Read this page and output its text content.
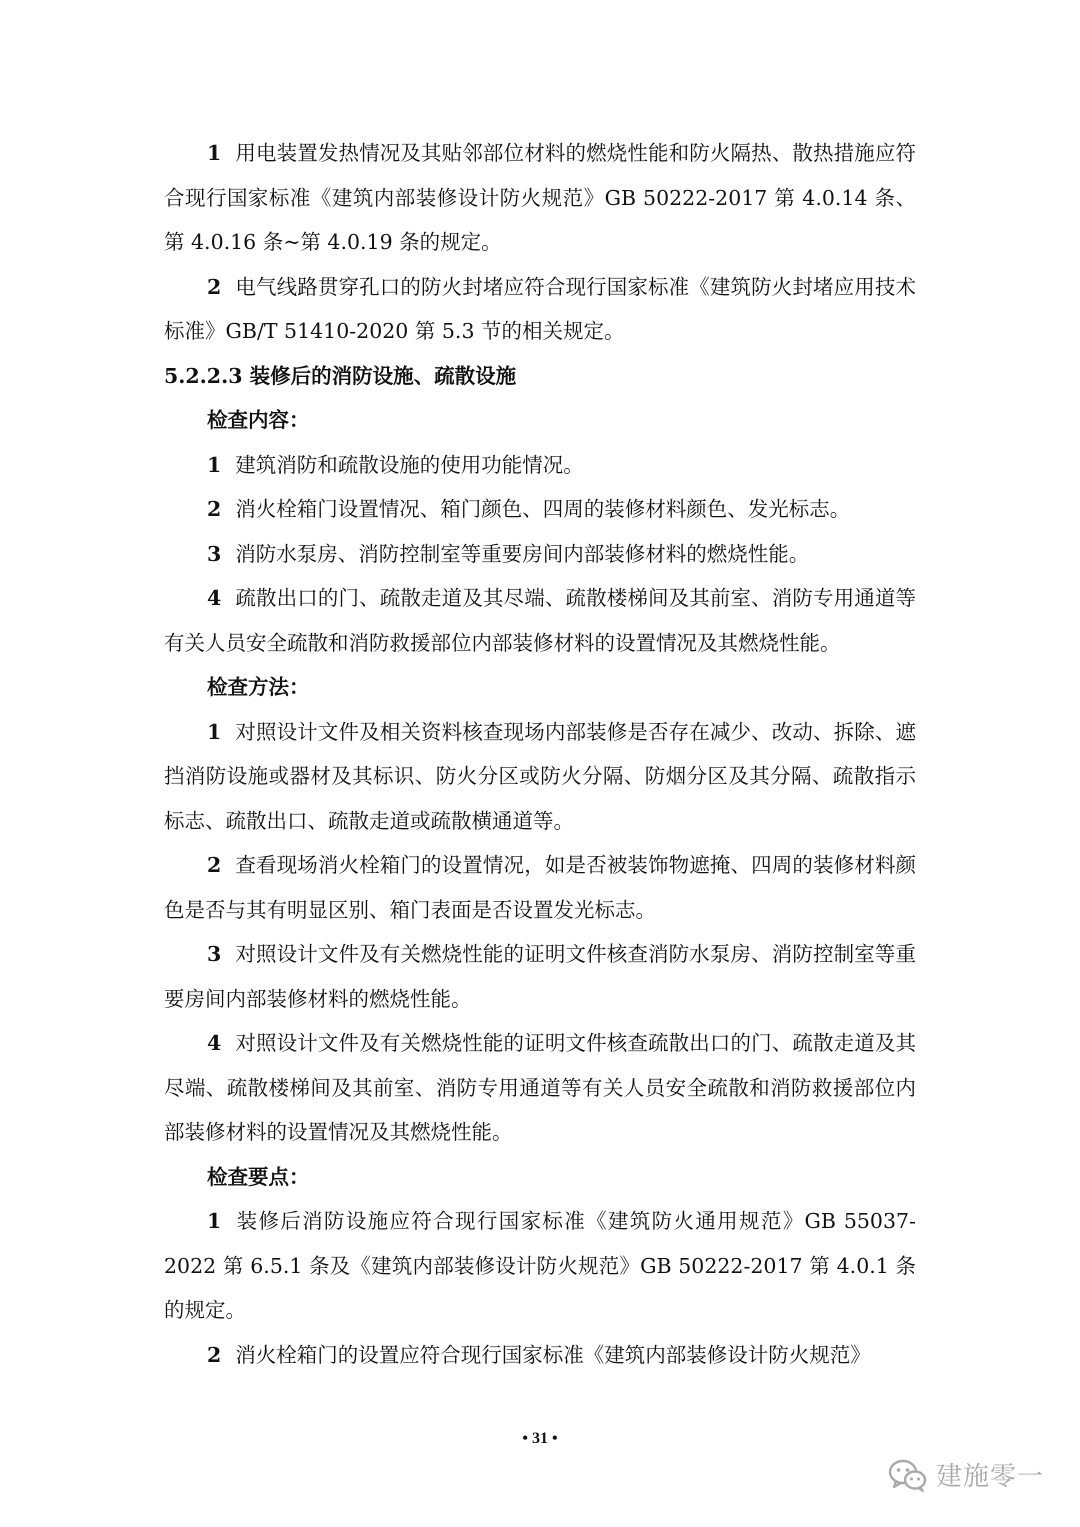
1 用电装置发热情况及其贴邻部位材料的燃烧性能和防火隔热、散热措施应符合现行国家标准《建筑内部装修设计防火规范》GB 50222-2017 第 4.0.14 条、第 4.0.16 条~第 4.0.19 条的规定。

2 电气线路贯穿孔口的防火封堵应符合现行国家标准《建筑防火封堵应用技术标准》GB/T 51410-2020 第 5.3 节的相关规定。

5.2.2.3 装修后的消防设施、疏散设施

检查内容：

1 建筑消防和疏散设施的使用功能情况。

2 消火栓箱门设置情况、箱门颜色、四周的装修材料颜色、发光标志。

3 消防水泵房、消防控制室等重要房间内部装修材料的燃烧性能。

4 疏散出口的门、疏散走道及其尽端、疏散楼梯间及其前室、消防专用通道等有关人员安全疏散和消防救援部位内部装修材料的设置情况及其燃烧性能。

检查方法：

1 对照设计文件及相关资料核查现场内部装修是否存在减少、改动、拆除、遮挡消防设施或器材及其标识、防火分区或防火分隔、防烟分区及其分隔、疏散指示标志、疏散出口、疏散走道或疏散横通道等。

2 查看现场消火栓箱门的设置情况，如是否被装饰物遮掩、四周的装修材料颜色是否与其有明显区别、箱门表面是否设置发光标志。

3 对照设计文件及有关燃烧性能的证明文件核查消防水泵房、消防控制室等重要房间内部装修材料的燃烧性能。

4 对照设计文件及有关燃烧性能的证明文件核查疏散出口的门、疏散走道及其尽端、疏散楼梯间及其前室、消防专用通道等有关人员安全疏散和消防救援部位内部装修材料的设置情况及其燃烧性能。

检查要点：

1 装修后消防设施应符合现行国家标准《建筑防火通用规范》GB 55037-2022 第 6.5.1 条及《建筑内部装修设计防火规范》GB 50222-2017 第 4.0.1 条的规定。

2 消火栓箱门的设置应符合现行国家标准《建筑内部装修设计防火规范》

• 31 •
建施零一
